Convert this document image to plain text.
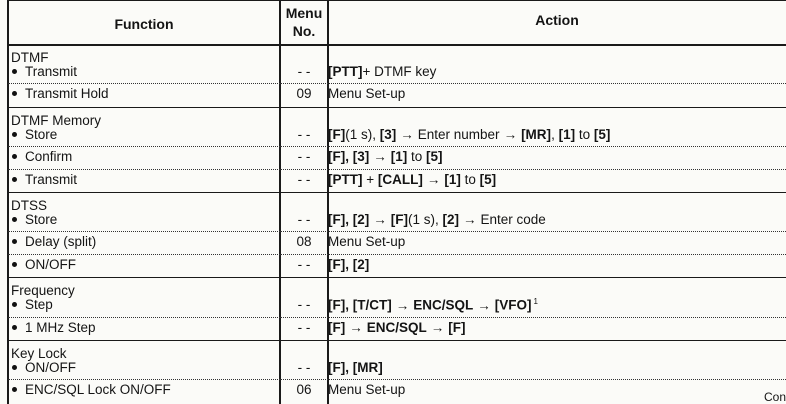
Function
Menu
No.
Action
DTMF
Transmit	- -	[PTT]+ DTMF key
Transmit Hold	09	Menu Set-up
DTMF Memory
Store	- -	[F](1 s), [3] → Enter number → [MR], [1] to [5]
Confirm	- -	[F], [3] → [1] to [5]
Transmit	- -	[PTT] + [CALL] → [1] to [5]
DTSS
Store	- -	[F], [2] → [F](1 s), [2] → Enter code
Delay (split)	08	Menu Set-up
ON/OFF	- -	[F], [2]
Frequency
Step	- -	[F], [T/CT] → ENC/SQL → [VFO] $^1$
1 MHz Step	- -	[F] → ENC/SQL → [F]
Key Lock
ON/OFF	- -	[F], [MR]
ENC/SQL Lock ON/OFF	06	Menu Set-up	Con
